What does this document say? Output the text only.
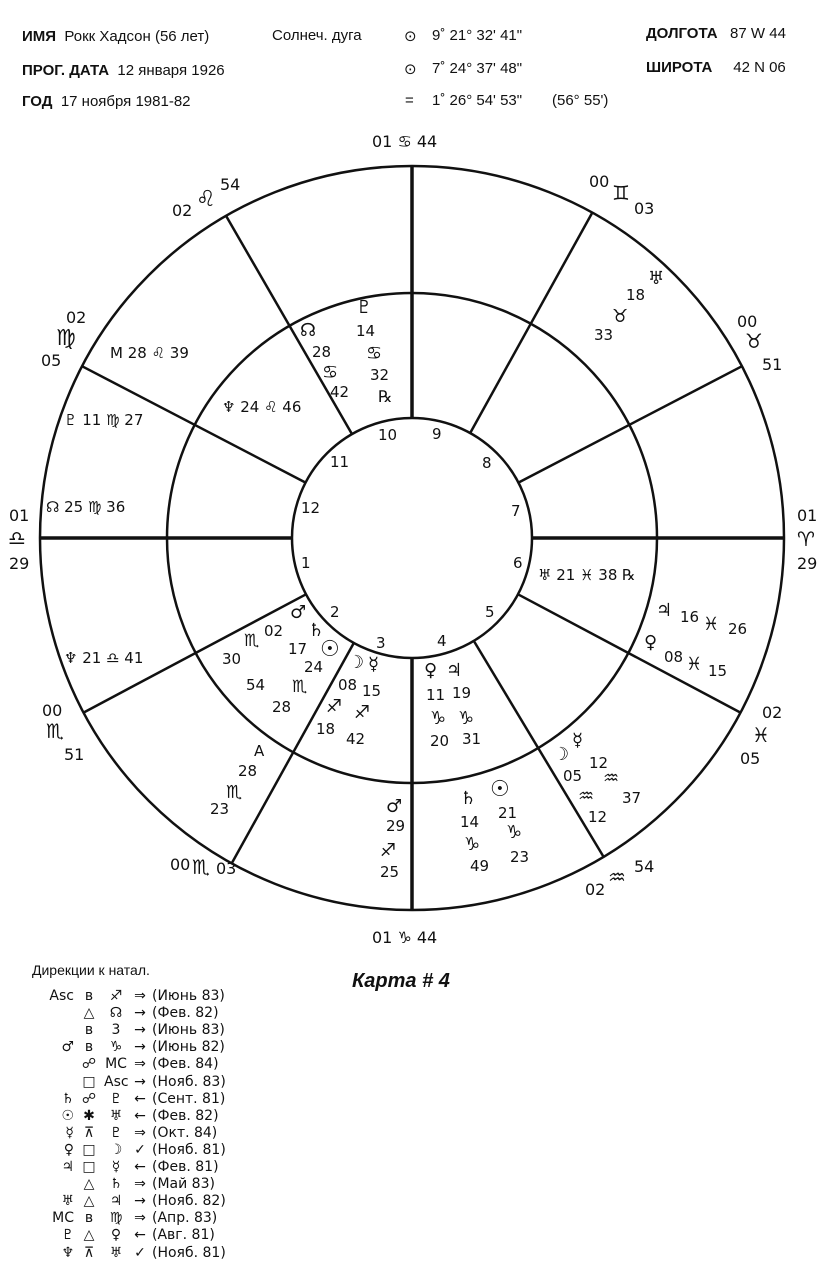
ИМЯ Рокк Хадсон (56 лет)
ПРОГ. ДАТА 12 января 1926
ГОД 17 ноября 1981-82
Солнеч. дуга	⊙ 9˚ 21° 32' 41"
⊙ 7˚ 24° 37' 48"
= 1˚ 26° 54' 53" (56° 55')
ДОЛГОТА 87 W 44
ШИРОТА 42 N 06
1
2
3	4
5
6
7
8
9
10
11
12
01 ♋ 44
01 ♑ 44
02 ♌
54
02
♍
05
01
♎
29
00
♏
51
00 ♏ 03
02
♒ 54
02
♓
05
01
♈
29
00
♉
51
00 ♊
03
♅
18
♉
33
M 28 ♌ 39
♇ 11 ♍ 27
☊ 25 ♍ 36
♆ 21 ♎ 41
A
28
♏
23	♂
29
♐
25
♄
14
♑
49
☉
21
♑
23
☽
05
☿
12
♒
♒ 37
12
♀
08 ♓ 15
♃ 16 ♓ 26
♇
14
♋
32
℞
☊
28
♋
42
♆ 24 ♌ 46
♅ 21 ♓ 38 ℞
♂
02 ♄
17
24
♏
30
♏
54
28
☉
☽ ☿
08 15
♐
18
♐
42
♀ ♃
11 19
♑
20
♑
31
Карта # 4
Дирекции к натал.
Asc в ♐ ⇒ (Июнь 83)
△ ☊ → (Фев. 82)
в 3 → (Июнь 83)
♂ в ♑ → (Июнь 82)
☍ MC ⇒ (Фев. 84)
□ Asc → (Нояб. 83)
♄ ☍ ♇ ← (Сент. 81)
☉ ✱ ♅ ← (Фев. 82)
☿ ⊼ ♇ ⇒ (Окт. 84)
♀ □ ☽ ✓ (Нояб. 81)
♃ □ ☿ ← (Фев. 81)
△ ♄ ⇒ (Май 83)
♅ △ ♃ → (Нояб. 82)
MC в ♍ ⇒ (Апр. 83)
♇ △ ♀ ← (Авг. 81)
♆ ⊼ ♅ ✓ (Нояб. 81)
